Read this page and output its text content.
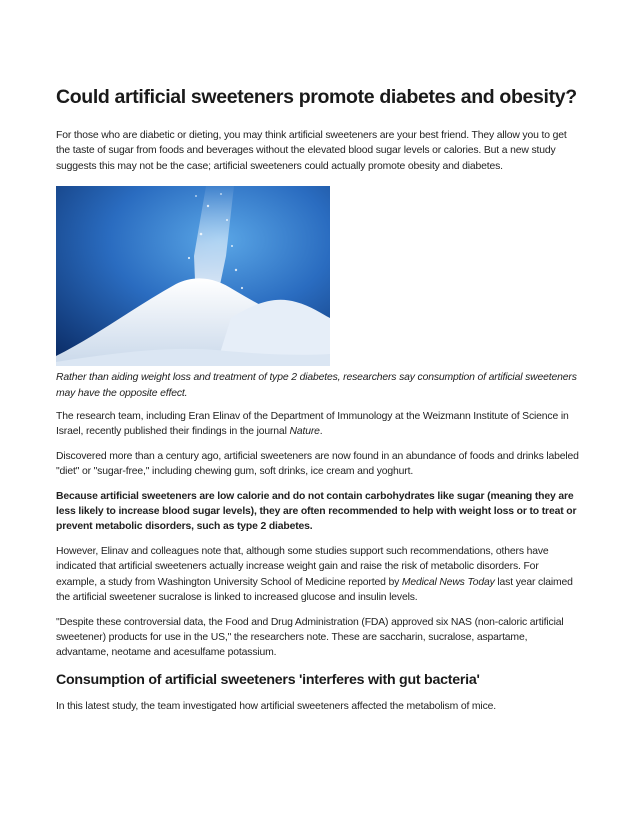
Could artificial sweeteners promote diabetes and obesity?

For those who are diabetic or dieting, you may think artificial sweeteners are your best friend. They allow you to get the taste of sugar from foods and beverages without the elevated blood sugar levels or calories. But a new study suggests this may not be the case; artificial sweeteners could actually promote obesity and diabetes.

Rather than aiding weight loss and treatment of type 2 diabetes, researchers say consumption of artificial sweeteners may have the opposite effect.

The research team, including Eran Elinav of the Department of Immunology at the Weizmann Institute of Science in Israel, recently published their findings in the journal Nature.

Discovered more than a century ago, artificial sweeteners are now found in an abundance of foods and drinks labeled "diet" or "sugar-free," including chewing gum, soft drinks, ice cream and yoghurt.

Because artificial sweeteners are low calorie and do not contain carbohydrates like sugar (meaning they are less likely to increase blood sugar levels), they are often recommended to help with weight loss or to treat or prevent metabolic disorders, such as type 2 diabetes.

However, Elinav and colleagues note that, although some studies support such recommendations, others have indicated that artificial sweeteners actually increase weight gain and raise the risk of metabolic disorders. For example, a study from Washington University School of Medicine reported by Medical News Today last year claimed the artificial sweetener sucralose is linked to increased glucose and insulin levels.

"Despite these controversial data, the Food and Drug Administration (FDA) approved six NAS (non-caloric artificial sweetener) products for use in the US," the researchers note. These are saccharin, sucralose, aspartame, advantame, neotame and acesulfame potassium.

Consumption of artificial sweeteners 'interferes with gut bacteria'

In this latest study, the team investigated how artificial sweeteners affected the metabolism of mice.
